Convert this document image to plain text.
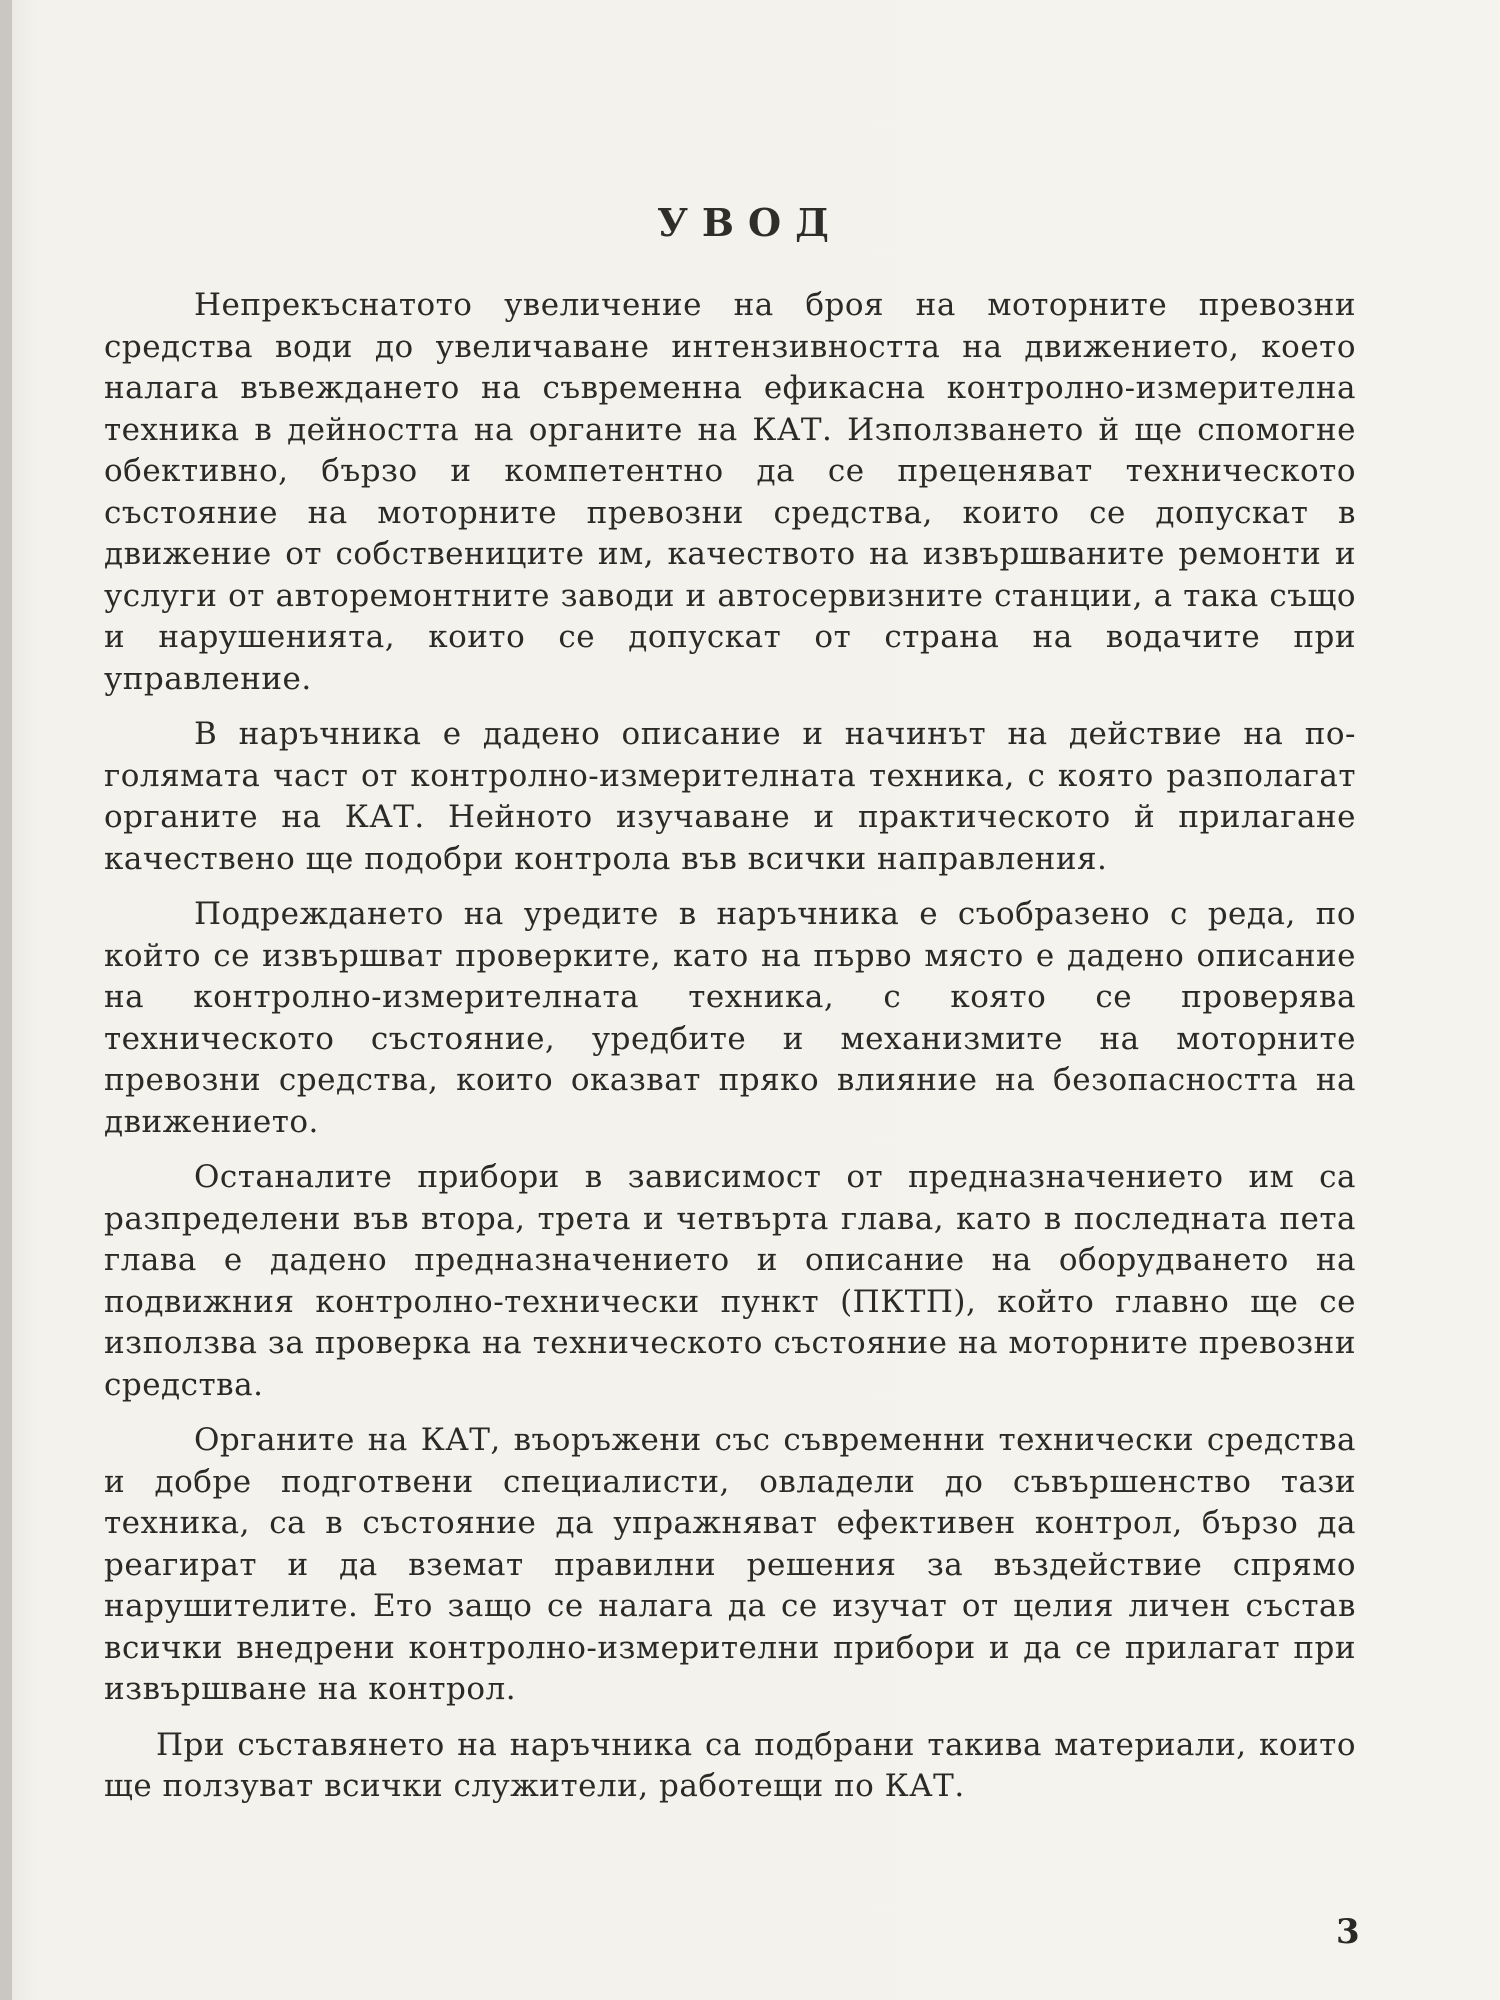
УВОД

Непрекъснатото увеличение на броя на моторните превозни средства води до увеличаване интензивността на движението, което налага въвеждането на съвременна ефикасна контролно-измерителна техника в дейността на органите на КАТ. Използването й ще спомогне обективно, бързо и компетентно да се преценяват техническото състояние на моторните превозни средства, които се допускат в движение от собствениците им, качеството на извършваните ремонти и услуги от авторемонтните заводи и автосервизните станции, а така също и нарушенията, които се допускат от страна на водачите при управление.

В наръчника е дадено описание и начинът на действие на по-голямата част от контролно-измерителната техника, с която разполагат органите на КАТ. Нейното изучаване и практическото й прилагане качествено ще подобри контрола във всички направления.

Подреждането на уредите в наръчника е съобразено с реда, по който се извършват проверките, като на първо място е дадено описание на контролно-измерителната техника, с която се проверява техническото състояние, уредбите и механизмите на моторните превозни средства, които оказват пряко влияние на безопасността на движението.

Останалите прибори в зависимост от предназначението им са разпределени във втора, трета и четвърта глава, като в последната пета глава е дадено предназначението и описание на оборудването на подвижния контролно-технически пункт (ПКТП), който главно ще се използва за проверка на техническото състояние на моторните превозни средства.

Органите на КАТ, въоръжени със съвременни технически средства и добре подготвени специалисти, овладели до съвършенство тази техника, са в състояние да упражняват ефективен контрол, бързо да реагират и да вземат правилни решения за въздействие спрямо нарушителите. Ето защо се налага да се изучат от целия личен състав всички внедрени контролно-измерителни прибори и да се прилагат при извършване на контрол.

При съставянето на наръчника са подбрани такива материали, които ще ползуват всички служители, работещи по КАТ.

3
